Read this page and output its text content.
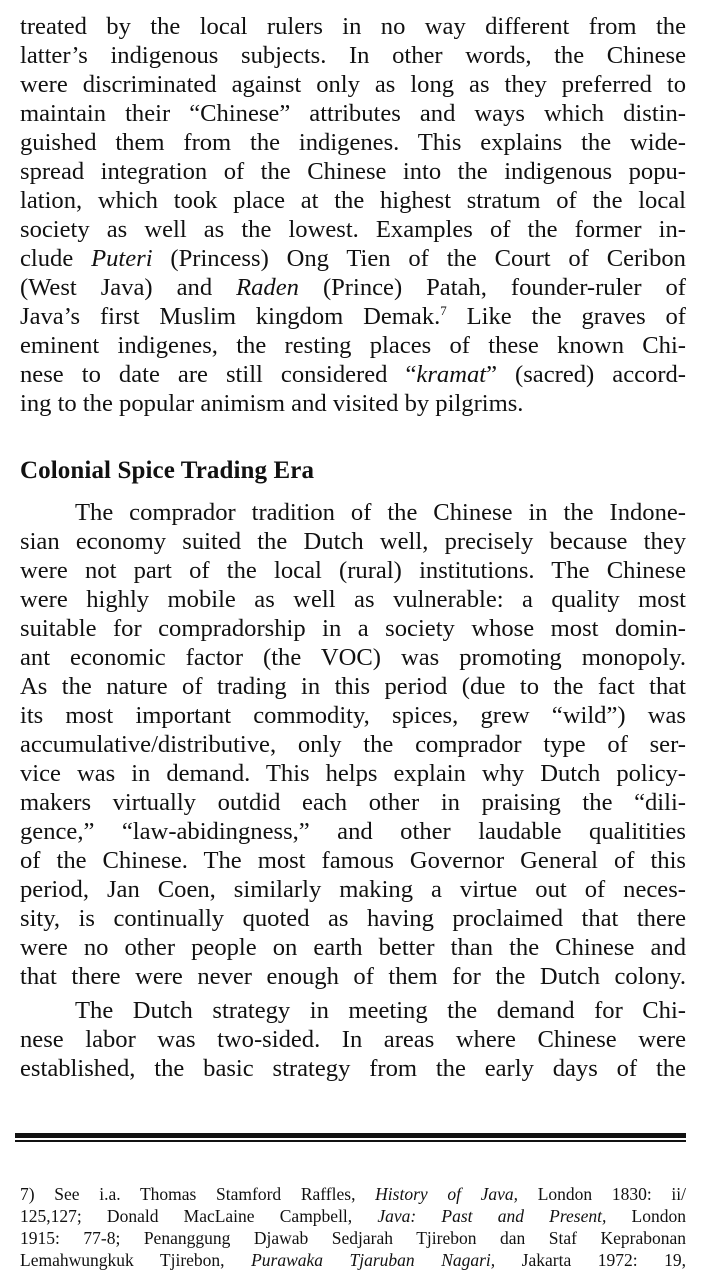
treated by the local rulers in no way different from the
latter’s indigenous subjects. In other words, the Chinese
were discriminated against only as long as they preferred to
maintain their “Chinese” attributes and ways which distin-
guished them from the indigenes. This explains the wide-
spread integration of the Chinese into the indigenous popu-
lation, which took place at the highest stratum of the local
society as well as the lowest. Examples of the former in-
clude Puteri (Princess) Ong Tien of the Court of Ceribon
(West Java) and Raden (Prince) Patah, founder-ruler of
Java’s first Muslim kingdom Demak.$^7$ Like the graves of
eminent indigenes, the resting places of these known Chi-
nese to date are still considered “kramat” (sacred) accord-
ing to the popular animism and visited by pilgrims.
Colonial Spice Trading Era
The comprador tradition of the Chinese in the Indone-
sian economy suited the Dutch well, precisely because they
were not part of the local (rural) institutions. The Chinese
were highly mobile as well as vulnerable: a quality most
suitable for compradorship in a society whose most domin-
ant economic factor (the VOC) was promoting monopoly.
As the nature of trading in this period (due to the fact that
its most important commodity, spices, grew “wild”) was
accumulative/distributive, only the comprador type of ser-
vice was in demand. This helps explain why Dutch policy-
makers virtually outdid each other in praising the “dili-
gence,” “law-abidingness,” and other laudable qualitities
of the Chinese. The most famous Governor General of this
period, Jan Coen, similarly making a virtue out of neces-
sity, is continually quoted as having proclaimed that there
were no other people on earth better than the Chinese and
that there were never enough of them for the Dutch colony.
The Dutch strategy in meeting the demand for Chi-
nese labor was two-sided. In areas where Chinese were
established, the basic strategy from the early days of the
7) See i.a. Thomas Stamford Raffles, History of Java, London 1830: ii/
125,127; Donald MacLaine Campbell, Java: Past and Present, London
1915: 77-8; Penanggung Djawab Sedjarah Tjirebon dan Staf Keprabonan
Lemahwungkuk Tjirebon, Purawaka Tjaruban Nagari, Jakarta 1972: 19,
